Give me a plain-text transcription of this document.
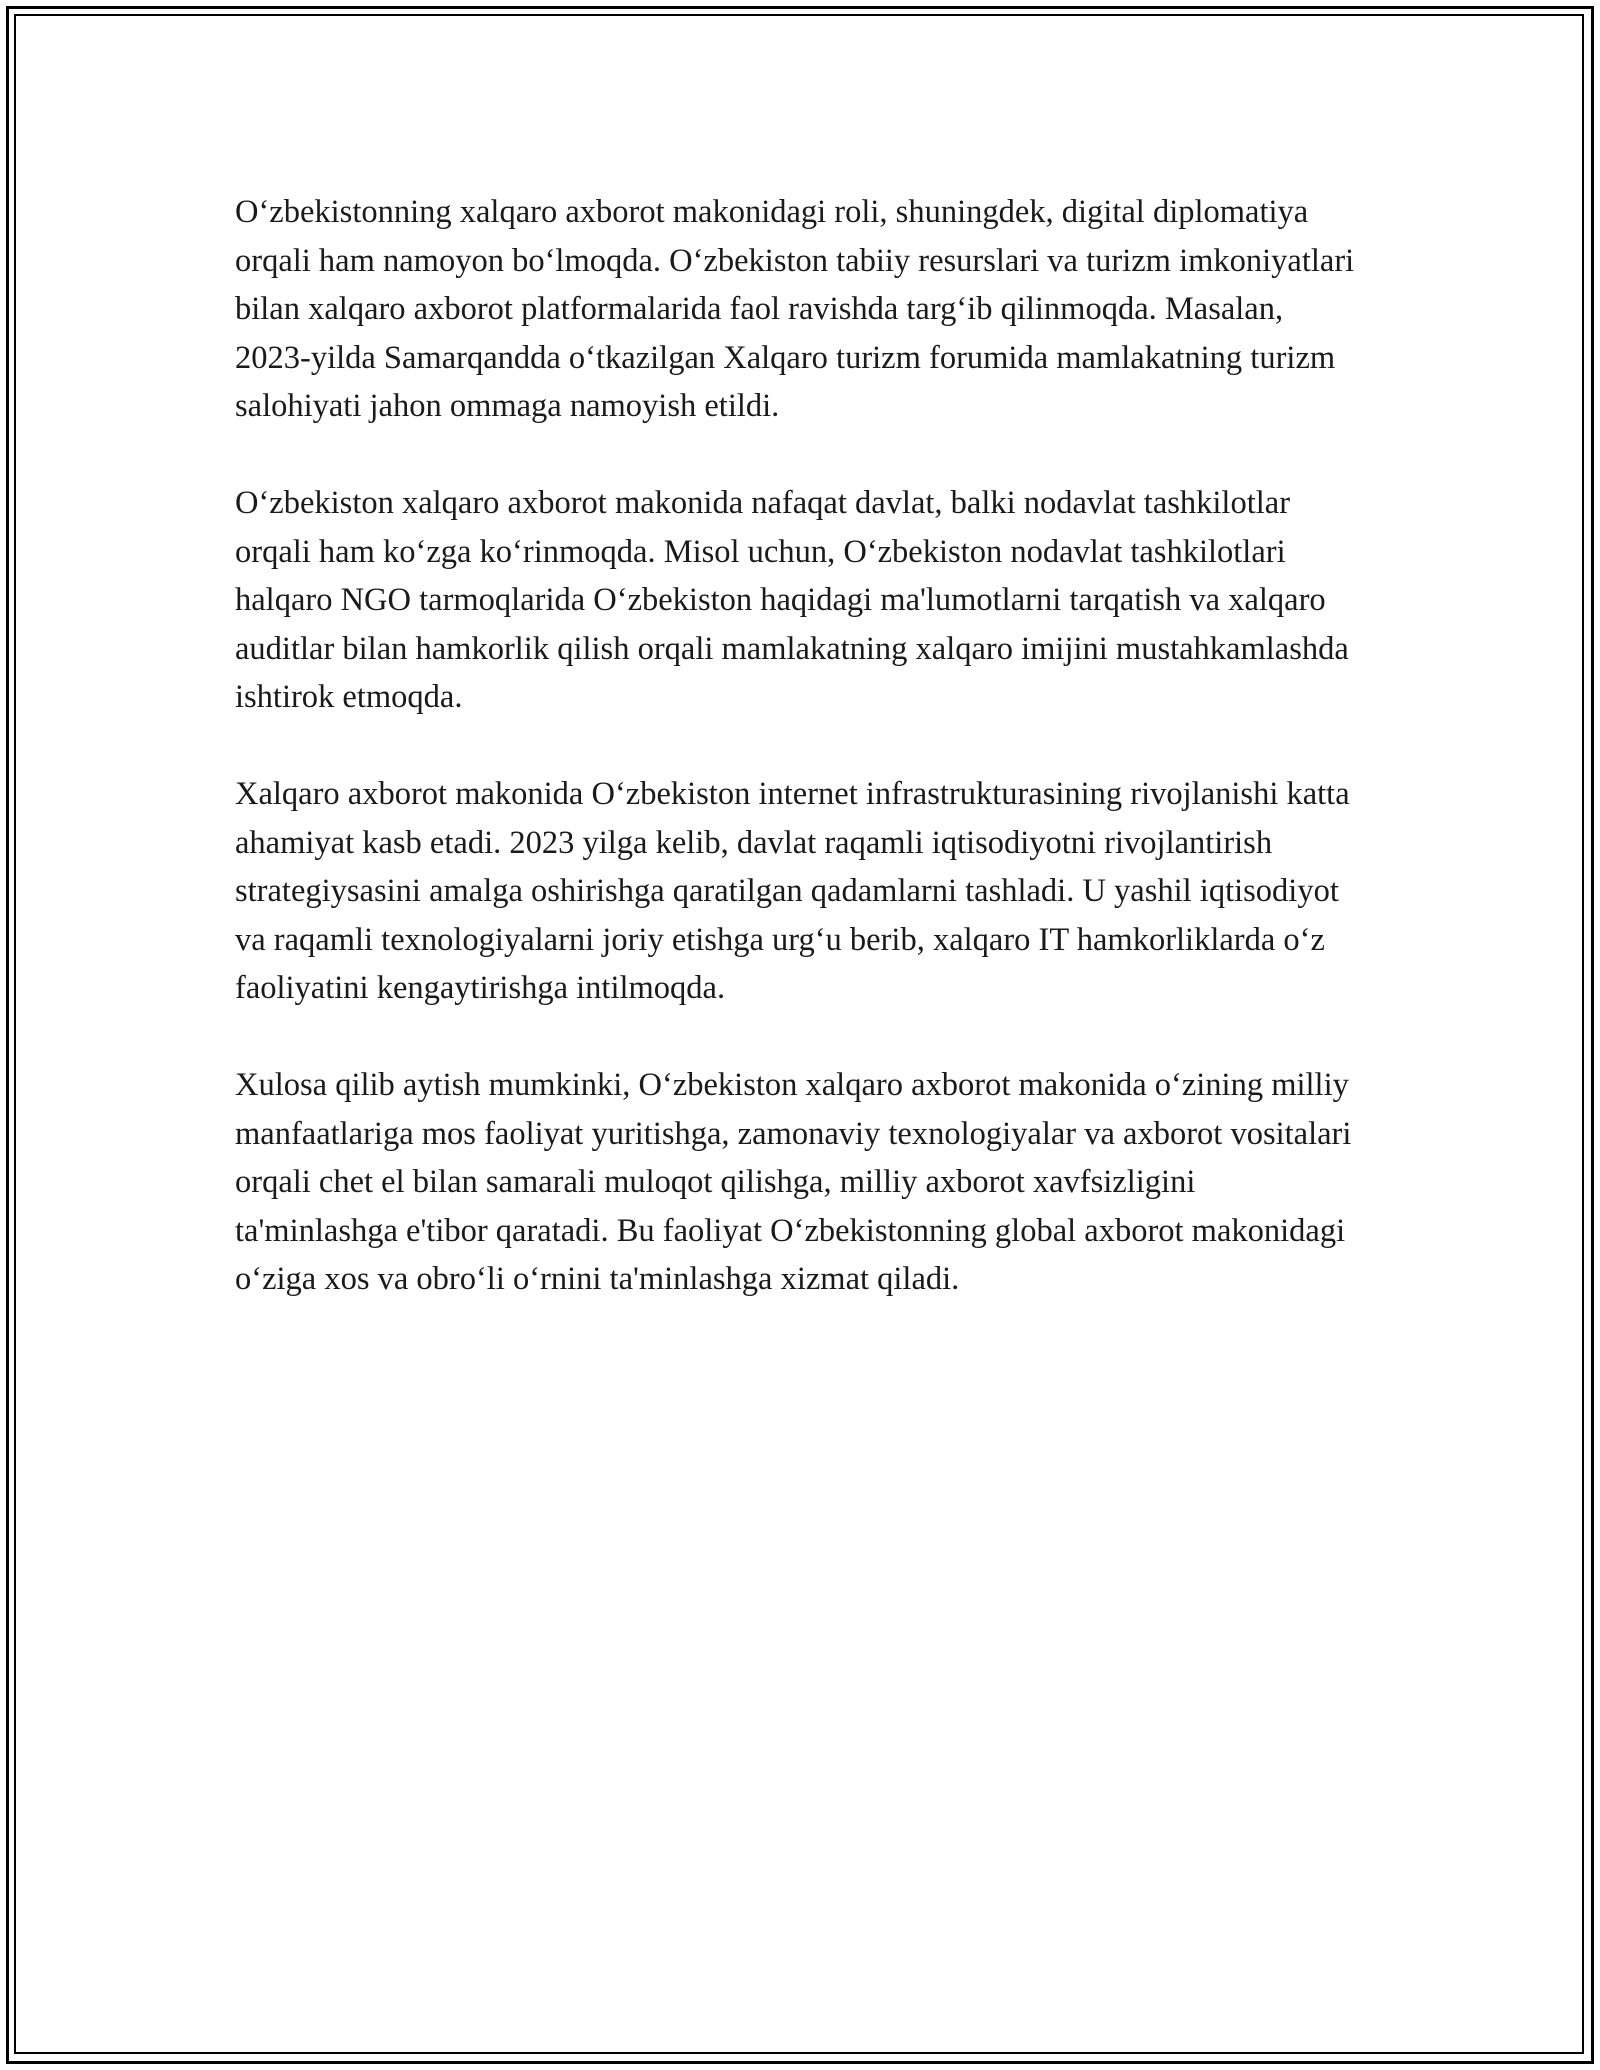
O‘zbekistonning xalqaro axborot makonidagi roli, shuningdek, digital diplomatiya orqali ham namoyon bo‘lmoqda. O‘zbekiston tabiiy resurslari va turizm imkoniyatlari bilan xalqaro axborot platformalarida faol ravishda targ‘ib qilinmoqda. Masalan, 2023-yilda Samarqandda o‘tkazilgan Xalqaro turizm forumida mamlakatning turizm salohiyati jahon ommaga namoyish etildi.

O‘zbekiston xalqaro axborot makonida nafaqat davlat, balki nodavlat tashkilotlar orqali ham ko‘zga ko‘rinmoqda. Misol uchun, O‘zbekiston nodavlat tashkilotlari halqaro NGO tarmoqlarida O‘zbekiston haqidagi ma'lumotlarni tarqatish va xalqaro auditlar bilan hamkorlik qilish orqali mamlakatning xalqaro imijini mustahkamlashda ishtirok etmoqda.

Xalqaro axborot makonida O‘zbekiston internet infrastrukturasining rivojlanishi katta ahamiyat kasb etadi. 2023 yilga kelib, davlat raqamli iqtisodiyotni rivojlantirish strategiysasini amalga oshirishga qaratilgan qadamlarni tashladi. U yashil iqtisodiyot va raqamli texnologiyalarni joriy etishga urg‘u berib, xalqaro IT hamkorliklarda o‘z faoliyatini kengaytirishga intilmoqda.

Xulosa qilib aytish mumkinki, O‘zbekiston xalqaro axborot makonida o‘zining milliy manfaatlariga mos faoliyat yuritishga, zamonaviy texnologiyalar va axborot vositalari orqali chet el bilan samarali muloqot qilishga, milliy axborot xavfsizligini ta'minlashga e'tibor qaratadi. Bu faoliyat O‘zbekistonning global axborot makonidagi o‘ziga xos va obro‘li o‘rnini ta'minlashga xizmat qiladi.
